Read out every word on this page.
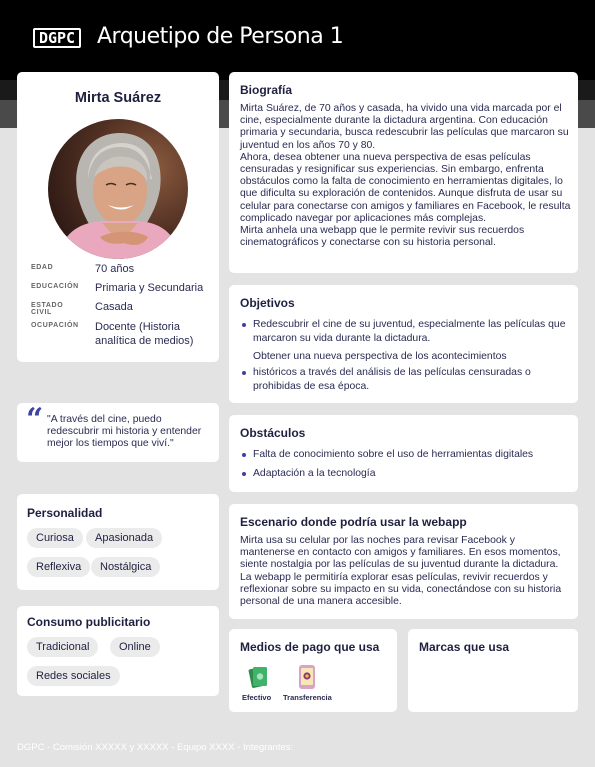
DGPC Arquetipo de Persona 1
Mirta Suárez
EDAD	70 años
EDUCACIÓN Primaria y Secundaria
ESTADO CIVIL	Casada
OCUPACIÓN Docente (Historia analítica de medios)
“ "A través del cine, puedo redescubrir mi historia y entender mejor los tiempos que viví."
Personalidad
Curiosa	Apasionada
Reflexiva	Nostálgica
Consumo publicitario
Tradicional	Online
Redes sociales
Biografía

Mirta Suárez, de 70 años y casada, ha vivido una vida marcada por el cine, especialmente durante la dictadura argentina. Con educación primaria y secundaria, busca redescubrir las películas que marcaron su juventud en los años 70 y 80.

Ahora, desea obtener una nueva perspectiva de esas películas censuradas y resignificar sus experiencias. Sin embargo, enfrenta obstáculos como la falta de conocimiento en herramientas digitales, lo que dificulta su exploración de contenidos. Aunque disfruta de usar su celular para conectarse con amigos y familiares en Facebook, le resulta complicado navegar por aplicaciones más complejas.

Mirta anhela una webapp que le permite revivir sus recuerdos cinematográficos y conectarse con su historia personal.

Objetivos
Redescubrir el cine de su juventud, especialmente las películas que marcaron su vida durante la dictadura.
Obtener una nueva perspectiva de los acontecimientos
históricos a través del análisis de las películas censuradas o prohibidas de esa época.
Obstáculos
Falta de conocimiento sobre el uso de herramientas digitales
Adaptación a la tecnología
Escenario donde podría usar la webapp

Mirta usa su celular por las noches para revisar Facebook y mantenerse en contacto con amigos y familiares. En esos momentos, siente nostalgia por las películas de su juventud durante la dictadura. La webapp le permitiría explorar esas películas, revivir recuerdos y reflexionar sobre su impacto en su vida, conectándose con su historia personal de una manera accesible.

Medios de pago que usa
Efectivo Transferencia
Marcas que usa
DGPC - Comisión XXXXX y XXXXX - Equipo XXXX - Integrantes:
